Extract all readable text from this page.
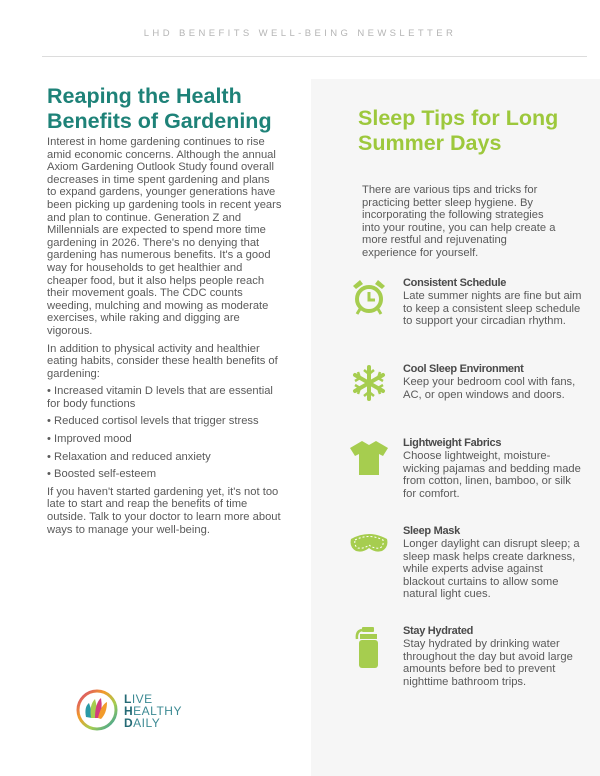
LHD BENEFITS WELL-BEING NEWSLETTER
Reaping the Health Benefits of Gardening

Interest in home gardening continues to rise amid economic concerns. Although the annual Axiom Gardening Outlook Study found overall decreases in time spent gardening and plans to expand gardens, younger generations have been picking up gardening tools in recent years and plan to continue. Generation Z and Millennials are expected to spend more time gardening in 2026. There's no denying that gardening has numerous benefits. It's a good way for households to get healthier and cheaper food, but it also helps people reach their movement goals. The CDC counts weeding, mulching and mowing as moderate exercises, while raking and digging are vigorous.

In addition to physical activity and healthier eating habits, consider these health benefits of gardening:

• Increased vitamin D levels that are essential for body functions
• Reduced cortisol levels that trigger stress
• Improved mood
• Relaxation and reduced anxiety
• Boosted self-esteem

If you haven't started gardening yet, it's not too late to start and reap the benefits of time outside. Talk to your doctor to learn more about ways to manage your well-being.

Sleep Tips for Long Summer Days
There are various tips and tricks for practicing better sleep hygiene. By incorporating the following strategies into your routine, you can help create a more restful and rejuvenating experience for yourself.
Consistent Schedule
Late summer nights are fine but aim to keep a consistent sleep schedule to support your circadian rhythm.
Cool Sleep Environment
Keep your bedroom cool with fans, AC, or open windows and doors.
Lightweight Fabrics
Choose lightweight, moisture-wicking pajamas and bedding made from cotton, linen, bamboo, or silk for comfort.
Sleep Mask
Longer daylight can disrupt sleep; a sleep mask helps create darkness, while experts advise against blackout curtains to allow some natural light cues.
Stay Hydrated
Stay hydrated by drinking water throughout the day but avoid large amounts before bed to prevent nighttime bathroom trips.
LIVE
HEALTHY
DAILY
